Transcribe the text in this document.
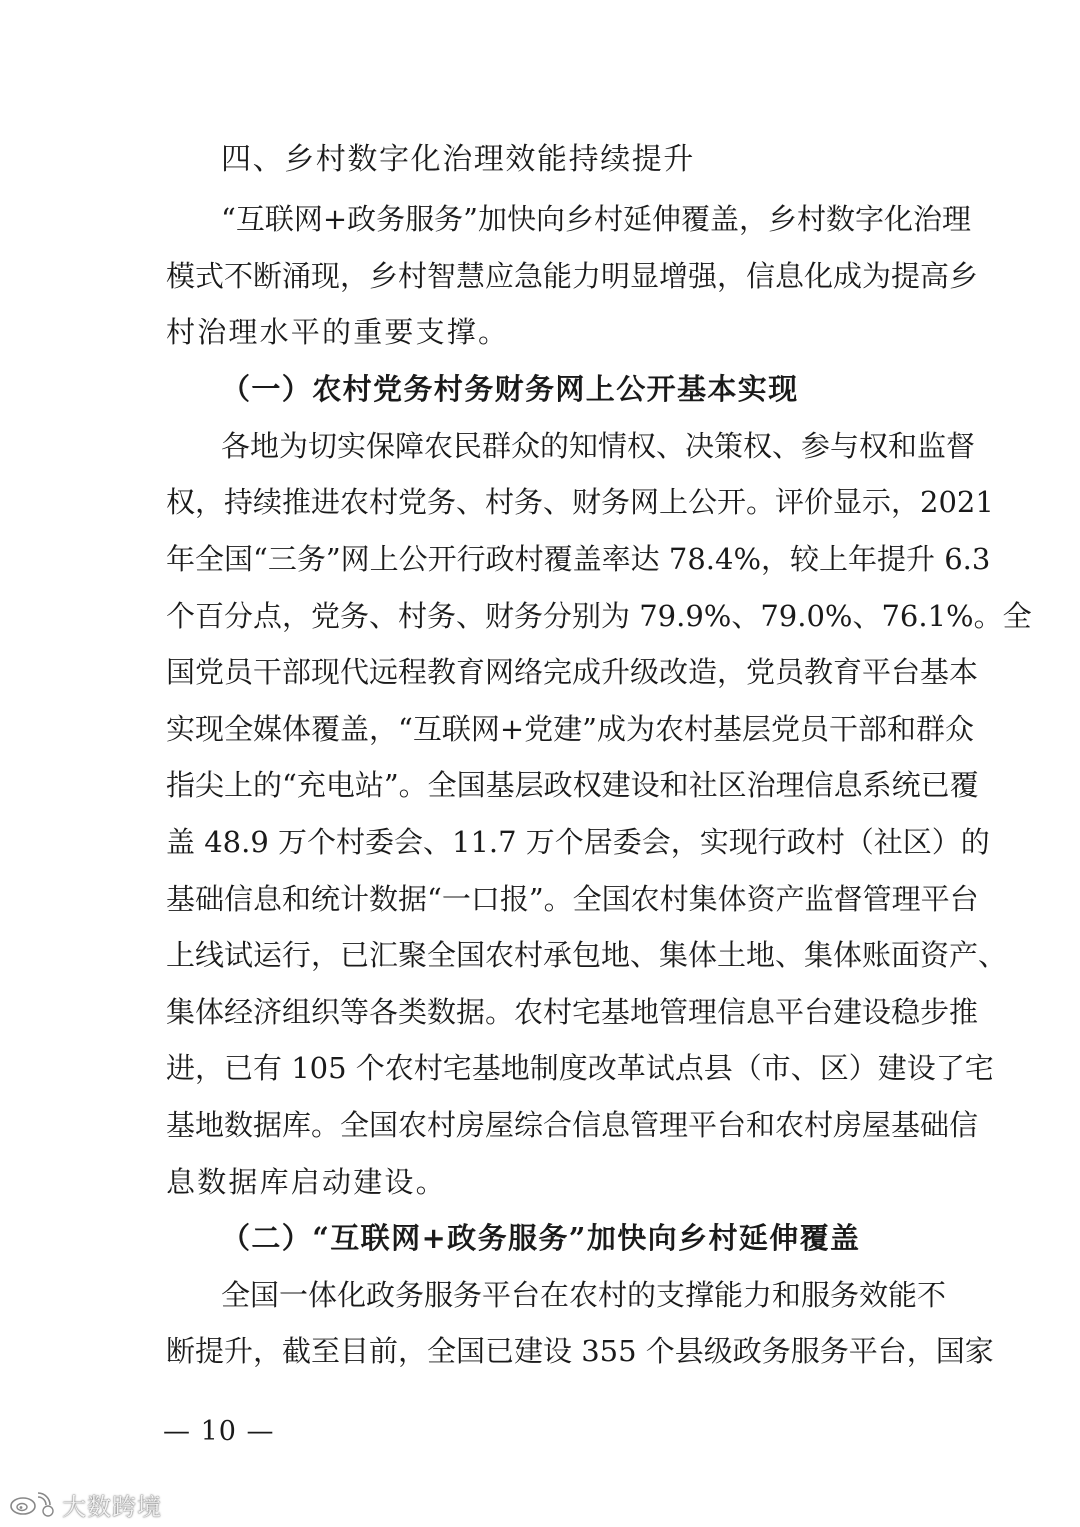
四、乡村数字化治理效能持续提升
“互联网+政务服务”加快向乡村延伸覆盖，乡村数字化治理
模式不断涌现，乡村智慧应急能力明显增强，信息化成为提高乡
村治理水平的重要支撑。
（一）农村党务村务财务网上公开基本实现
各地为切实保障农民群众的知情权、决策权、参与权和监督
权，持续推进农村党务、村务、财务网上公开。评价显示，2021
年全国“三务”网上公开行政村覆盖率达 78.4%，较上年提升 6.3
个百分点，党务、村务、财务分别为 79.9%、79.0%、76.1%。全
国党员干部现代远程教育网络完成升级改造，党员教育平台基本
实现全媒体覆盖，“互联网+党建”成为农村基层党员干部和群众
指尖上的“充电站”。全国基层政权建设和社区治理信息系统已覆
盖 48.9 万个村委会、11.7 万个居委会，实现行政村（社区）的
基础信息和统计数据“一口报”。全国农村集体资产监督管理平台
上线试运行，已汇聚全国农村承包地、集体土地、集体账面资产、
集体经济组织等各类数据。农村宅基地管理信息平台建设稳步推
进，已有 105 个农村宅基地制度改革试点县（市、区）建设了宅
基地数据库。全国农村房屋综合信息管理平台和农村房屋基础信
息数据库启动建设。
（二）“互联网+政务服务”加快向乡村延伸覆盖
全国一体化政务服务平台在农村的支撑能力和服务效能不
断提升，截至目前，全国已建设 355 个县级政务服务平台，国家
— 10 —
大数跨境
